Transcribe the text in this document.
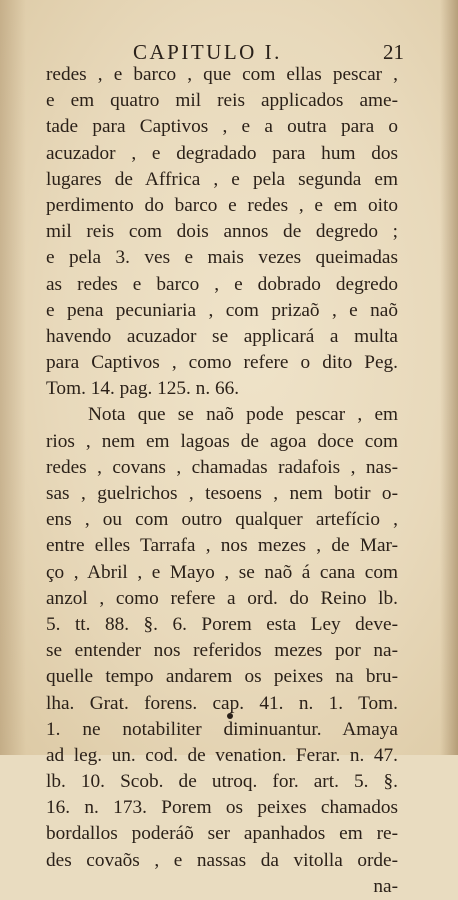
CAPITULO I.	21
redes , e barco , que com ellas pescar ,
e em quatro mil reis applicados ame-
tade para Captivos , e a outra para o
acuzador , e degradado para hum dos
lugares de Affrica , e pela segunda em
perdimento do barco e redes , e em oito
mil reis com dois annos de degredo ;
e pela 3. ves e mais vezes queimadas
as redes e barco , e dobrado degredo
e pena pecuniaria , com prizaõ , e naõ
havendo acuzador se applicará a multa
para Captivos , como refere o dito Peg.
Tom. 14. pag. 125. n. 66.
Nota que se naõ pode pescar , em
rios , nem em lagoas de agoa doce com
redes , covans , chamadas radafois , nas-
sas , guelrichos , tesoens , nem botir o-
ens , ou com outro qualquer artefício ,
entre elles Tarrafa , nos mezes , de Mar-
ço , Abril , e Mayo , se naõ á cana com
anzol , como refere a ord. do Reino lb.
5. tt. 88. §. 6. Porem esta Ley deve-
se entender nos referidos mezes por na-
quelle tempo andarem os peixes na bru-
lha. Grat. forens. cap. 41. n. 1. Tom.
1. ne notabiliter diminuantur. Amaya
ad leg. un. cod. de venation. Ferar. n. 47.
lb. 10. Scob. de utroq. for. art. 5. §.
16. n. 173. Porem os peixes chamados
bordallos poderáõ ser apanhados em re-
des covaõs , e nassas da vitolla orde-
na-
